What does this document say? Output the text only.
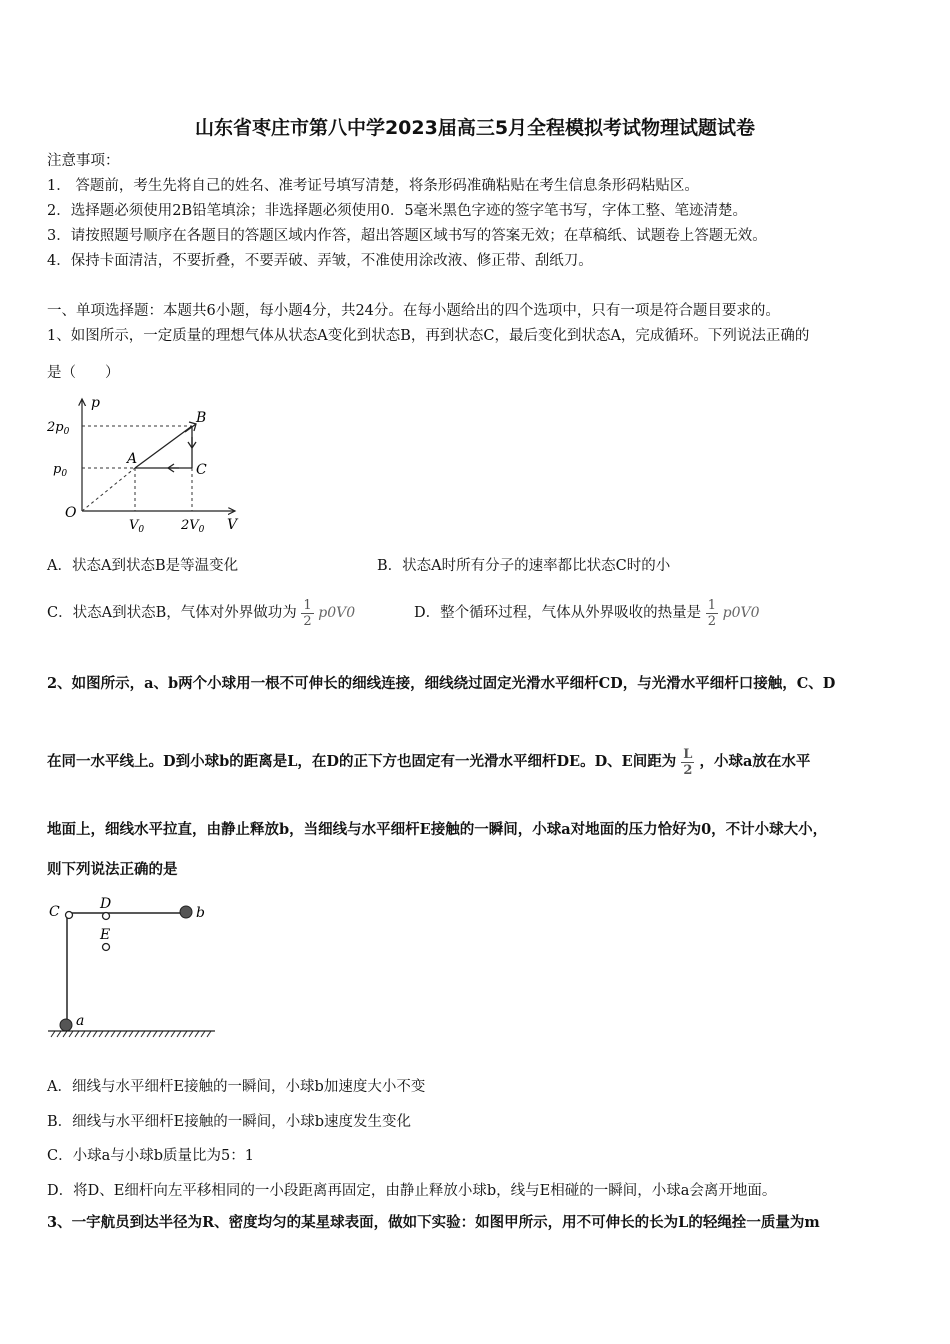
山东省枣庄市第八中学2023届高三5月全程模拟考试物理试题试卷
注意事项：
1． 答题前，考生先将自己的姓名、准考证号填写清楚，将条形码准确粘贴在考生信息条形码粘贴区。
2．选择题必须使用2B铅笔填涂；非选择题必须使用0．5毫米黑色字迹的签字笔书写，字体工整、笔迹清楚。
3．请按照题号顺序在各题目的答题区域内作答，超出答题区域书写的答案无效；在草稿纸、试题卷上答题无效。
4．保持卡面清洁，不要折叠，不要弄破、弄皱，不准使用涂改液、修正带、刮纸刀。
一、单项选择题：本题共6小题，每小题4分，共24分。在每小题给出的四个选项中，只有一项是符合题目要求的。
1、如图所示，一定质量的理想气体从状态A变化到状态B，再到状态C，最后变化到状态A，完成循环。下列说法正确的
是（　　）
p
V
O
$2p_0$
$p_0$
$V_0$	$2V_0$
A
B
C
A．状态A到状态B是等温变化	B．状态A时所有分子的速率都比状态C时的小
C．状态A到状态B，气体对外界做功为 $\frac{1}{2} p0V0$	D．整个循环过程，气体从外界吸收的热量是 $\frac{1}{2} p0V0$
2、如图所示，a、b两个小球用一根不可伸长的细线连接，细线绕过固定光滑水平细杆CD，与光滑水平细杆口接触，C、D
在同一水平线上。D到小球b的距离是L，在D的正下方也固定有一光滑水平细杆DE。D、E间距为 $\frac{L}{2}$ ，小球a放在水平
地面上，细线水平拉直，由静止释放b，当细线与水平细杆E接触的一瞬间，小球a对地面的压力恰好为0，不计小球大小，
则下列说法正确的是
C	D
E
b
a
A．细线与水平细杆E接触的一瞬间，小球b加速度大小不变
B．细线与水平细杆E接触的一瞬间，小球b速度发生变化
C．小球a与小球b质量比为5：1
D．将D、E细杆向左平移相同的一小段距离再固定，由静止释放小球b，线与E相碰的一瞬间，小球a会离开地面。
3、一宇航员到达半径为R、密度均匀的某星球表面，做如下实验：如图甲所示，用不可伸长的长为L的轻绳拴一质量为m
